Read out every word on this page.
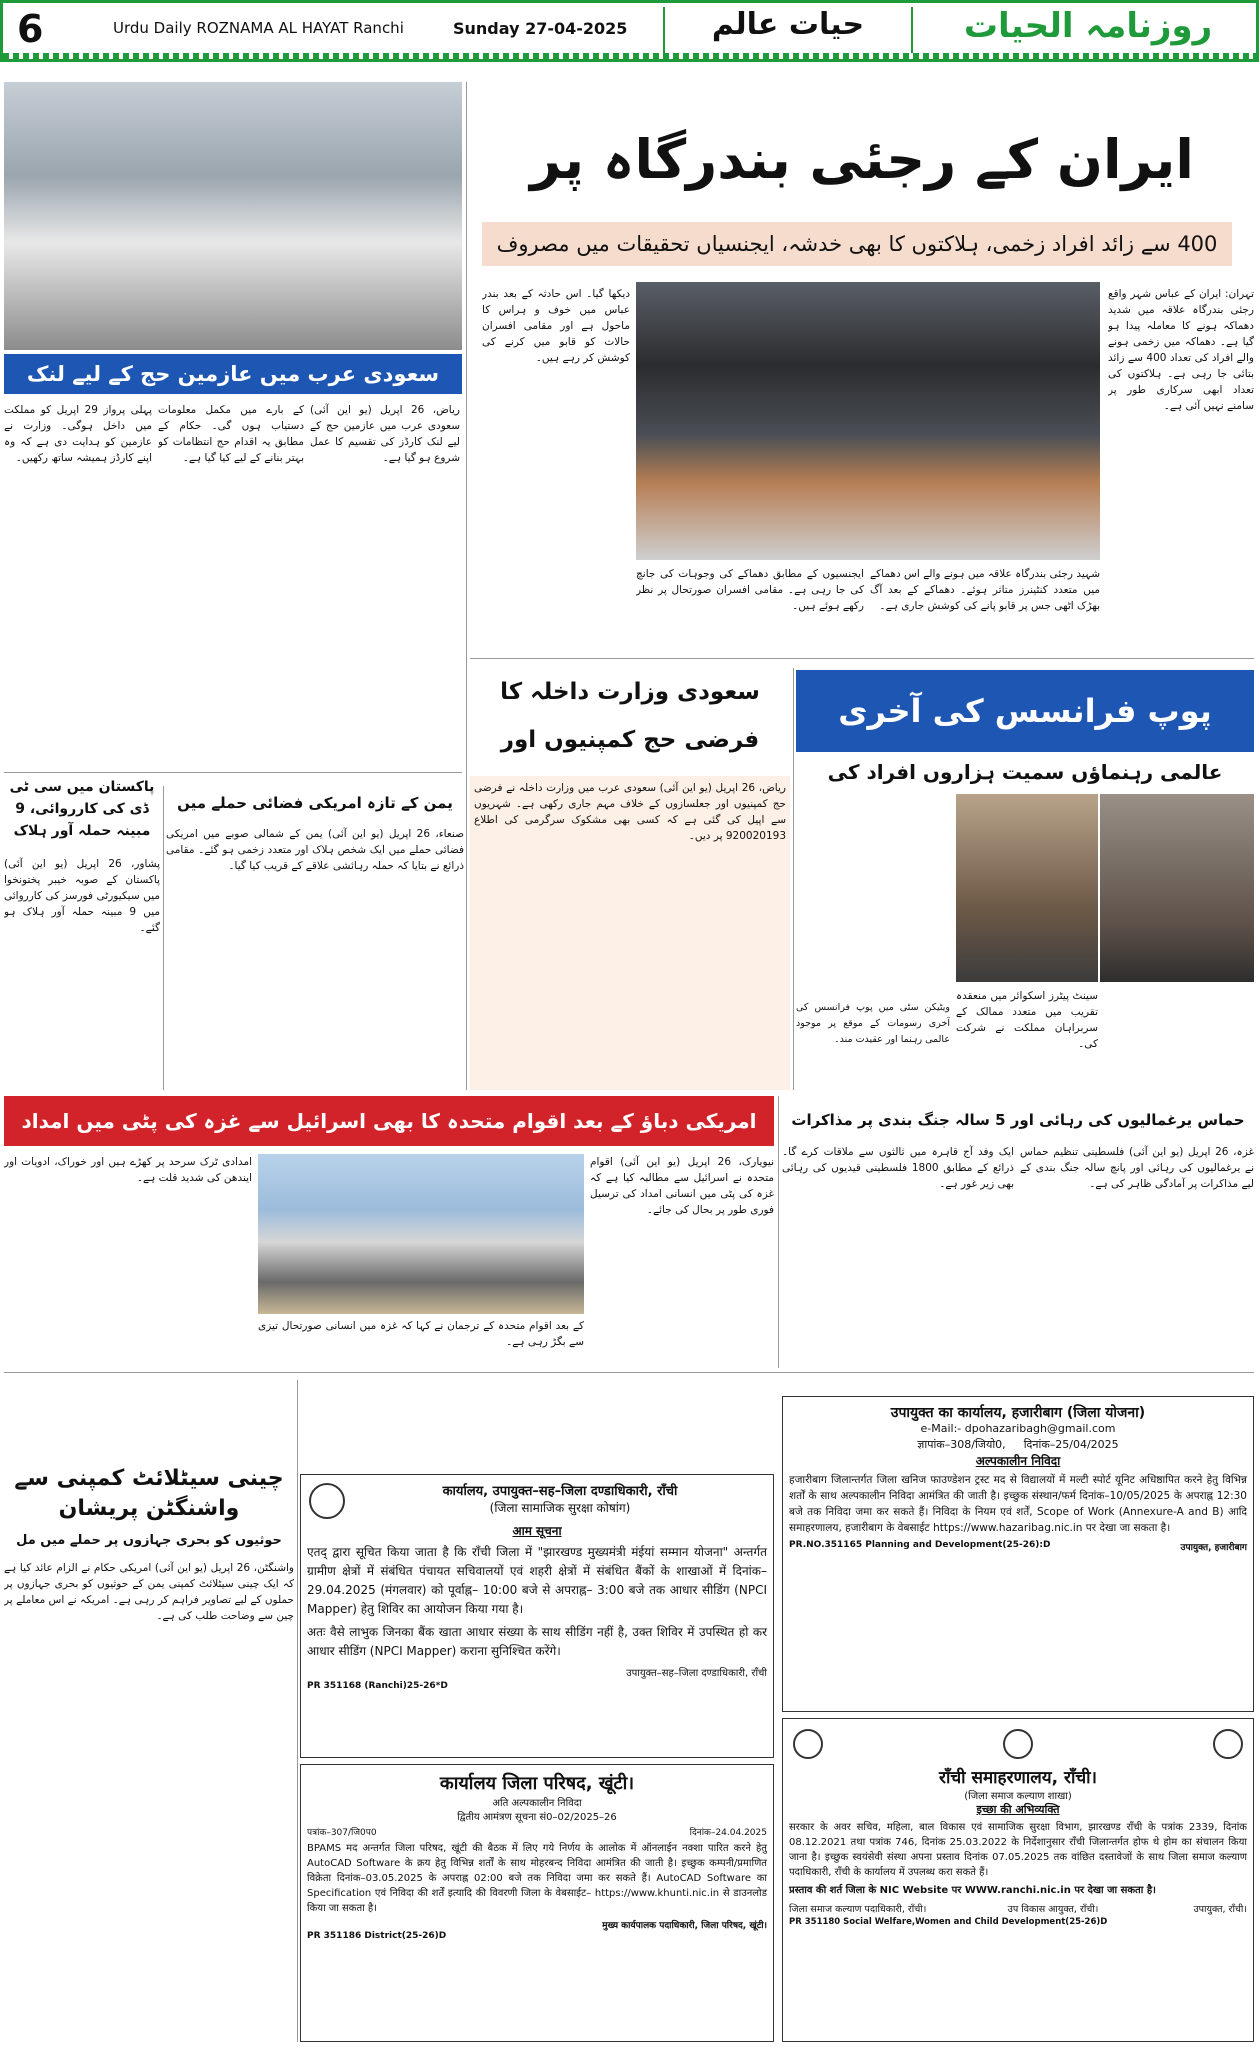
6	Urdu Daily ROZNAMA AL HAYAT Ranchi	Sunday 27-04-2025	حیات عالم	روزنامہ الحیات
سعودی عرب میں عازمین حج کے لیے لنک
ریاض، 26 اپریل (یو این آئی) سعودی عرب میں عازمین حج کے لیے لنک کارڈز کی تقسیم کا عمل شروع ہو گیا ہے۔
کے بارے میں مکمل معلومات دستیاب ہوں گی۔ حکام کے مطابق یہ اقدام حج انتظامات کو بہتر بنانے کے لیے کیا گیا ہے۔
پہلی پرواز 29 اپریل کو مملکت میں داخل ہوگی۔ وزارت نے عازمین کو ہدایت دی ہے کہ وہ اپنے کارڈز ہمیشہ ساتھ رکھیں۔
ایران کے رجئی بندرگاہ پر
400 سے زائد افراد زخمی، ہلاکتوں کا بھی خدشہ، ایجنسیاں تحقیقات میں مصروف
تہران: ایران کے عباس شہر واقع رجئی بندرگاہ علاقہ میں شدید دھماکہ ہونے کا معاملہ پیدا ہو گیا ہے۔ دھماکہ میں زخمی ہونے والے افراد کی تعداد 400 سے زائد بتائی جا رہی ہے۔ ہلاکتوں کی تعداد ابھی سرکاری طور پر سامنے نہیں آئی ہے۔
دیکھا گیا۔ اس حادثہ کے بعد بندر عباس میں خوف و ہراس کا ماحول ہے اور مقامی افسران حالات کو قابو میں کرنے کی کوشش کر رہے ہیں۔
شہید رجئی بندرگاہ علاقہ میں ہونے والے اس دھماکے میں متعدد کنٹینرز متاثر ہوئے۔ دھماکے کے بعد آگ بھڑک اٹھی جس پر قابو پانے کی کوشش جاری ہے۔
ایجنسیوں کے مطابق دھماکے کی وجوہات کی جانچ کی جا رہی ہے۔ مقامی افسران صورتحال پر نظر رکھے ہوئے ہیں۔
پوپ فرانسس کی آخری
عالمی رہنماؤں سمیت ہزاروں افراد کی
سینٹ پیٹرز اسکوائر میں منعقدہ تقریب میں متعدد ممالک کے سربراہان مملکت نے شرکت کی۔
ویٹیکن سٹی میں پوپ فرانسس کی آخری رسومات کے موقع پر موجود عالمی رہنما اور عقیدت مند۔
سعودی وزارت داخلہ کا فرضی حج کمپنیوں اور
ریاض، 26 اپریل (یو این آئی) سعودی عرب میں وزارت داخلہ نے فرضی حج کمپنیوں اور جعلسازوں کے خلاف مہم جاری رکھی ہے۔ شہریوں سے اپیل کی گئی ہے کہ کسی بھی مشکوک سرگرمی کی اطلاع 920020193 پر دیں۔
یمن کے تازہ امریکی فضائی حملے میں
صنعاء، 26 اپریل (یو این آئی) یمن کے شمالی صوبے میں امریکی فضائی حملے میں ایک شخص ہلاک اور متعدد زخمی ہو گئے۔ مقامی ذرائع نے بتایا کہ حملہ رہائشی علاقے کے قریب کیا گیا۔
پاکستان میں سی ٹی ڈی کی کارروائی، 9 مبینہ حملہ آور ہلاک
پشاور، 26 اپریل (یو این آئی) پاکستان کے صوبہ خیبر پختونخوا میں سیکیورٹی فورسز کی کارروائی میں 9 مبینہ حملہ آور ہلاک ہو گئے۔
حماس یرغمالیوں کی رہائی اور 5 سالہ جنگ بندی پر مذاکرات
غزہ، 26 اپریل (یو این آئی) فلسطینی تنظیم حماس نے یرغمالیوں کی رہائی اور پانچ سالہ جنگ بندی کے لیے مذاکرات پر آمادگی ظاہر کی ہے۔
ایک وفد آج قاہرہ میں ثالثوں سے ملاقات کرے گا۔ ذرائع کے مطابق 1800 فلسطینی قیدیوں کی رہائی بھی زیر غور ہے۔
امریکی دباؤ کے بعد اقوام متحدہ کا بھی اسرائیل سے غزہ کی پٹی میں امداد
نیویارک، 26 اپریل (یو این آئی) اقوام متحدہ نے اسرائیل سے مطالبہ کیا ہے کہ غزہ کی پٹی میں انسانی امداد کی ترسیل فوری طور پر بحال کی جائے۔
کے بعد اقوام متحدہ کے ترجمان نے کہا کہ غزہ میں انسانی صورتحال تیزی سے بگڑ رہی ہے۔
امدادی ٹرک سرحد پر کھڑے ہیں اور خوراک، ادویات اور ایندھن کی شدید قلت ہے۔
چینی سیٹلائٹ کمپنی سے واشنگٹن پریشان
حوثیوں کو بحری جہازوں پر حملے میں مل
واشنگٹن، 26 اپریل (یو این آئی) امریکی حکام نے الزام عائد کیا ہے کہ ایک چینی سیٹلائٹ کمپنی یمن کے حوثیوں کو بحری جہازوں پر حملوں کے لیے تصاویر فراہم کر رہی ہے۔ امریکہ نے اس معاملے پر چین سے وضاحت طلب کی ہے۔
कार्यालय, उपायुक्त–सह–जिला दण्डाधिकारी, राँची
(जिला सामाजिक सुरक्षा कोषांग)
आम सूचना
एतद् द्वारा सूचित किया जाता है कि राँची जिला में "झारखण्ड मुख्यमंत्री मंईयां सम्मान योजना" अन्तर्गत ग्रामीण क्षेत्रों में संबंधित पंचायत सचिवालयों एवं शहरी क्षेत्रों में संबंधित बैंकों के शाखाओं में दिनांक– 29.04.2025 (मंगलवार) को पूर्वाह्न– 10:00 बजे से अपराह्न– 3:00 बजे तक आधार सीडिंग (NPCI Mapper) हेतु शिविर का आयोजन किया गया है।
अतः वैसे लाभुक जिनका बैंक खाता आधार संख्या के साथ सीडिंग नहीं है, उक्त शिविर में उपस्थित हो कर आधार सीडिंग (NPCI Mapper) कराना सुनिश्चित करेंगे।
उपायुक्त–सह–जिला दण्डाधिकारी, राँची
PR 351168 (Ranchi)25-26*D
कार्यालय जिला परिषद, खूंटी।
अति अल्पकालीन निविदा
द्वितीय आमंत्रण सूचना सं0–02/2025–26
पत्रांक–307/जि0प0	दिनांक–24.04.2025
BPAMS मद अन्तर्गत जिला परिषद, खूंटी की बैठक में लिए गये निर्णय के आलोक में ऑनलाईन नक्शा पारित करने हेतु AutoCAD Software के क्रय हेतु विभिन्न शर्तों के साथ मोहरबन्द निविदा आमंत्रित की जाती है। इच्छुक कम्पनी/प्रमाणित विक्रेता दिनांक–03.05.2025 के अपराह्न 02:00 बजे तक निविदा जमा कर सकते हैं। AutoCAD Software का Specification एवं निविदा की शर्तें इत्यादि की विवरणी जिला के वेबसाईट– https://www.khunti.nic.in से डाउनलोड किया जा सकता है।
मुख्य कार्यपालक पदाधिकारी, जिला परिषद, खूंटी।
PR 351186 District(25-26)D
उपायुक्त का कार्यालय, हजारीबाग (जिला योजना)
e-Mail:- dpohazaribagh@gmail.com
ज्ञापांक–308/जियो0, दिनांक–25/04/2025
अल्पकालीन निविदा
हजारीबाग जिलान्तर्गत जिला खनिज फाउण्डेशन ट्रस्ट मद से विद्यालयों में मल्टी स्पोर्ट यूनिट अधिष्ठापित करने हेतु विभिन्न शर्तों के साथ अल्पकालीन निविदा आमंत्रित की जाती है। इच्छुक संस्थान/फर्म दिनांक–10/05/2025 के अपराह्न 12:30 बजे तक निविदा जमा कर सकते हैं। निविदा के नियम एवं शर्तें, Scope of Work (Annexure-A and B) आदि समाहरणालय, हजारीबाग के वेबसाईट https://www.hazaribag.nic.in पर देखा जा सकता है।
PR.NO.351165 Planning and Development(25-26):D	उपायुक्त, हजारीबाग
राँची समाहरणालय, राँची।
(जिला समाज कल्याण शाखा)
इच्छा की अभिव्यक्ति
सरकार के अवर सचिव, महिला, बाल विकास एवं सामाजिक सुरक्षा विभाग, झारखण्ड राँची के पत्रांक 2339, दिनांक 08.12.2021 तथा पत्रांक 746, दिनांक 25.03.2022 के निर्देशानुसार राँची जिलान्तर्गत होफ थे होम का संचालन किया जाना है। इच्छुक स्वयंसेवी संस्था अपना प्रस्ताव दिनांक 07.05.2025 तक वांछित दस्तावेजों के साथ जिला समाज कल्याण पदाधिकारी, राँची के कार्यालय में उपलब्ध करा सकते हैं।
प्रस्ताव की शर्त जिला के NIC Website पर WWW.ranchi.nic.in पर देखा जा सकता है।
जिला समाज कल्याण पदाधिकारी, राँची।	उप विकास आयुक्त, राँची।	उपायुक्त, राँची।
PR 351180 Social Welfare,Women and Child Development(25-26)D
